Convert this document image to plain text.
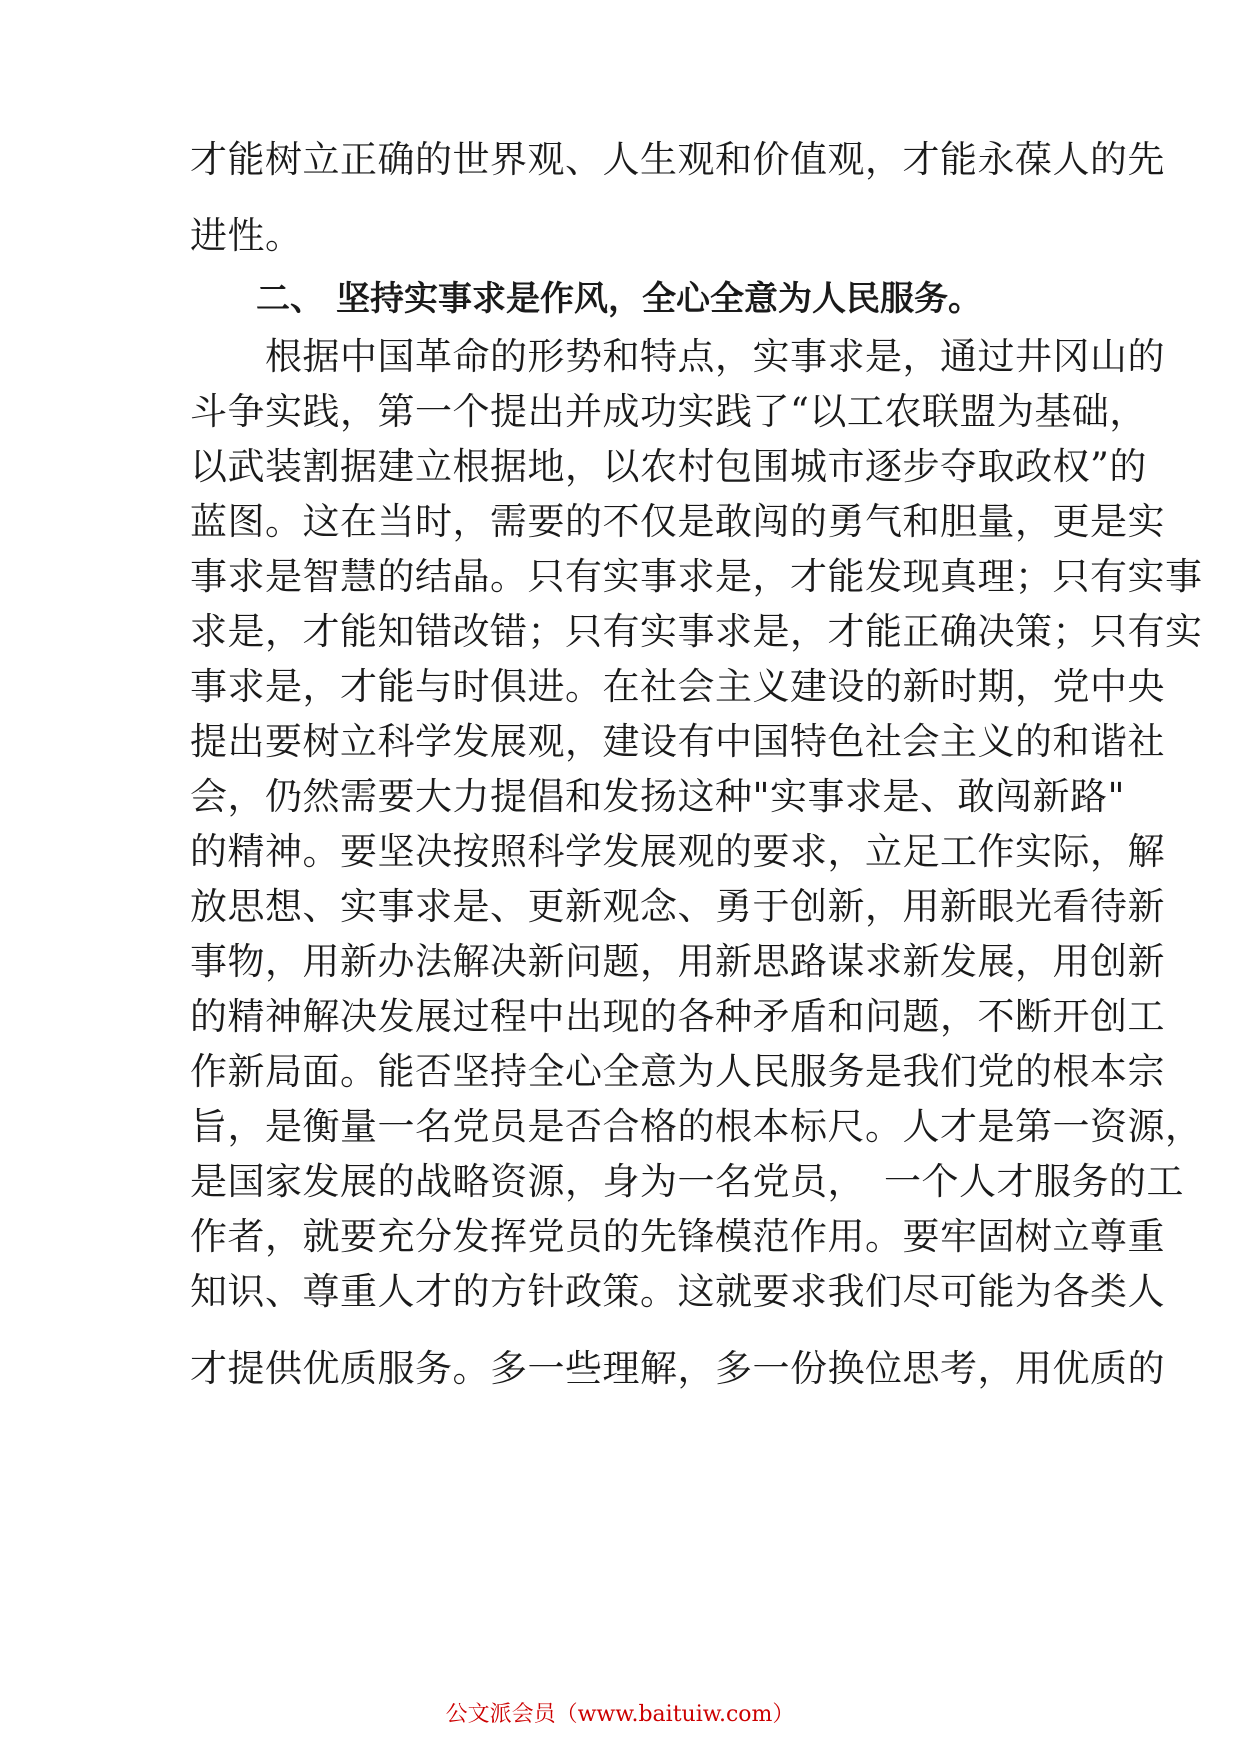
才能树立正确的世界观、人生观和价值观，才能永葆人的先
进性。
二、 坚持实事求是作风，全心全意为人民服务。
　　根据中国革命的形势和特点，实事求是，通过井冈山的
斗争实践，第一个提出并成功实践了“以工农联盟为基础，
以武装割据建立根据地，以农村包围城市逐步夺取政权”的
蓝图。这在当时，需要的不仅是敢闯的勇气和胆量，更是实
事求是智慧的结晶。只有实事求是，才能发现真理；只有实事
求是，才能知错改错；只有实事求是，才能正确决策；只有实
事求是，才能与时俱进。在社会主义建设的新时期，党中央
提出要树立科学发展观，建设有中国特色社会主义的和谐社
会，仍然需要大力提倡和发扬这种"实事求是、敢闯新路"
的精神。要坚决按照科学发展观的要求，立足工作实际，解
放思想、实事求是、更新观念、勇于创新，用新眼光看待新
事物，用新办法解决新问题，用新思路谋求新发展，用创新
的精神解决发展过程中出现的各种矛盾和问题，不断开创工
作新局面。能否坚持全心全意为人民服务是我们党的根本宗
旨，是衡量一名党员是否合格的根本标尺。人才是第一资源，
是国家发展的战略资源，身为一名党员，　一个人才服务的工
作者，就要充分发挥党员的先锋模范作用。要牢固树立尊重
知识、尊重人才的方针政策。这就要求我们尽可能为各类人
才提供优质服务。多一些理解，多一份换位思考，用优质的
公文派会员（www.baituiw.com）
